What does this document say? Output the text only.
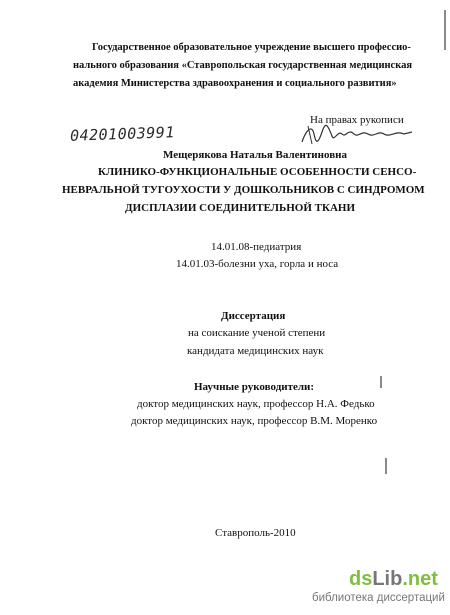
Государственное образовательное учреждение высшего профессио-
нального образования «Ставропольская государственная медицинская
академия Министерства здравоохранения и социального развития»
На правах рукописи
04201003991
Мещерякова Наталья Валентиновна
КЛИНИКО-ФУНКЦИОНАЛЬНЫЕ ОСОБЕННОСТИ СЕНСО-
НЕВРАЛЬНОЙ ТУГОУХОСТИ У ДОШКОЛЬНИКОВ С СИНДРОМОМ
ДИСПЛАЗИИ СОЕДИНИТЕЛЬНОЙ ТКАНИ
14.01.08-педиатрия
14.01.03-болезни уха, горла и носа
Диссертация
на соискание ученой степени
кандидата медицинских наук
Научные руководители:
доктор медицинских наук, профессор Н.А. Федько
доктор медицинских наук, профессор В.М. Моренко
Ставрополь-2010
dsLib.net
библиотека диссертаций
